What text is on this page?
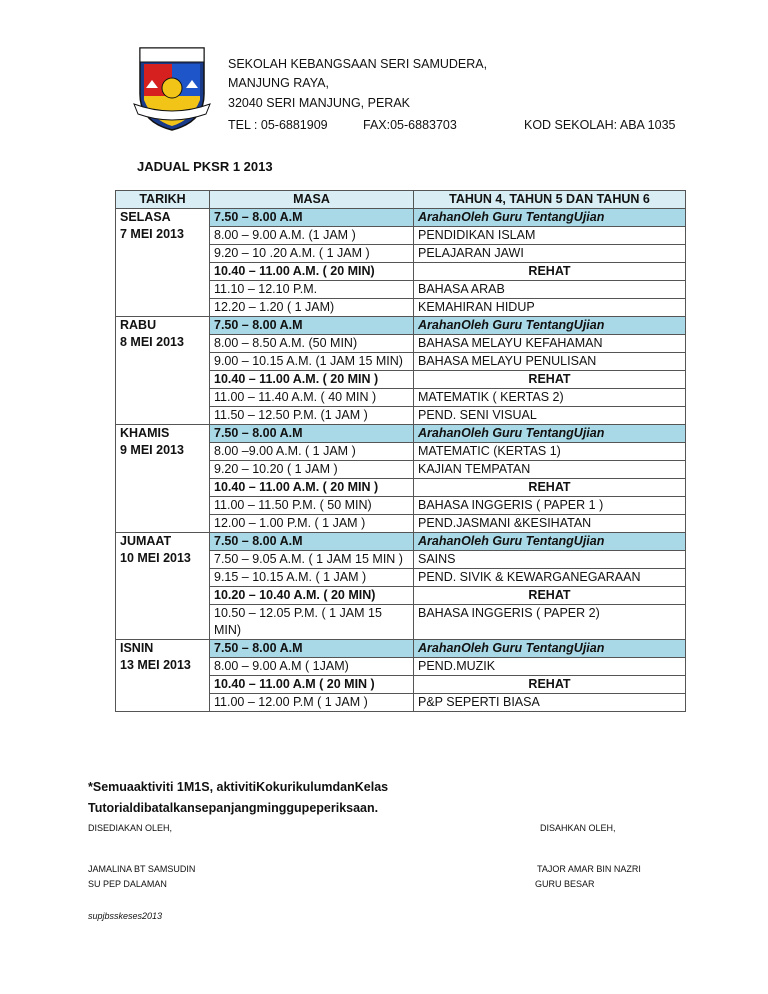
SEKOLAH KEBANGSAAN SERI SAMUDERA,
MANJUNG RAYA,
32040 SERI MANJUNG, PERAK
TEL : 05-6881909	FAX:05-6883703	KOD SEKOLAH: ABA 1035
JADUAL PKSR 1 2013
TARIKH	MASA	TAHUN 4, TAHUN 5 DAN TAHUN 6

SELASA
7 MEI 2013	7.50 – 8.00 A.M	ArahanOleh Guru TentangUjian
	8.00 – 9.00 A.M. (1 JAM )	PENDIDIKAN ISLAM
	9.20 – 10 .20 A.M. ( 1 JAM )	PELAJARAN JAWI
	10.40 – 11.00 A.M. ( 20 MIN)	REHAT
	11.10 – 12.10 P.M.	BAHASA ARAB
	12.20 – 1.20 ( 1 JAM)	KEMAHIRAN HIDUP

RABU
8 MEI 2013	7.50 – 8.00 A.M	ArahanOleh Guru TentangUjian
	8.00 – 8.50 A.M. (50 MIN)	BAHASA MELAYU KEFAHAMAN
	9.00 – 10.15 A.M. (1 JAM 15 MIN)	BAHASA MELAYU PENULISAN
	10.40 – 11.00 A.M. ( 20 MIN )	REHAT
	11.00 – 11.40 A.M. ( 40 MIN )	MATEMATIK ( KERTAS 2)
	11.50 – 12.50 P.M. (1 JAM )	PEND. SENI VISUAL

KHAMIS
9 MEI 2013	7.50 – 8.00 A.M	ArahanOleh Guru TentangUjian
	8.00 –9.00 A.M. ( 1 JAM )	MATEMATIC (KERTAS 1)
	9.20 – 10.20 ( 1 JAM )	KAJIAN TEMPATAN
	10.40 – 11.00 A.M. ( 20 MIN )	REHAT
	11.00 – 11.50 P.M. ( 50 MIN)	BAHASA INGGERIS ( PAPER 1 )
	12.00 – 1.00 P.M. ( 1 JAM )	PEND.JASMANI &KESIHATAN

JUMAAT
10 MEI 2013	7.50 – 8.00 A.M	ArahanOleh Guru TentangUjian
	7.50 – 9.05 A.M. ( 1 JAM 15 MIN )	SAINS
	9.15 – 10.15 A.M. ( 1 JAM )	PEND. SIVIK & KEWARGANEGARAAN
	10.20 – 10.40 A.M. ( 20 MIN)	REHAT
	10.50 – 12.05 P.M. ( 1 JAM 15 MIN)	BAHASA INGGERIS ( PAPER 2)

ISNIN
13 MEI 2013	7.50 – 8.00 A.M	ArahanOleh Guru TentangUjian
	8.00 – 9.00 A.M ( 1JAM)	PEND.MUZIK
	10.40 – 11.00 A.M ( 20 MIN )	REHAT
	11.00 – 12.00 P.M ( 1 JAM )	P&P SEPERTI BIASA
*Semuaaktiviti 1M1S, aktivitiKokurikulumdanKelas
Tutorialdibatalkansepanjangminggupeperiksaan.
DISEDIAKAN OLEH,	DISAHKAN OLEH,
JAMALINA BT SAMSUDIN
SU PEP DALAMAN
TAJOR AMAR BIN NAZRI
GURU BESAR
supjbsskeses2013
